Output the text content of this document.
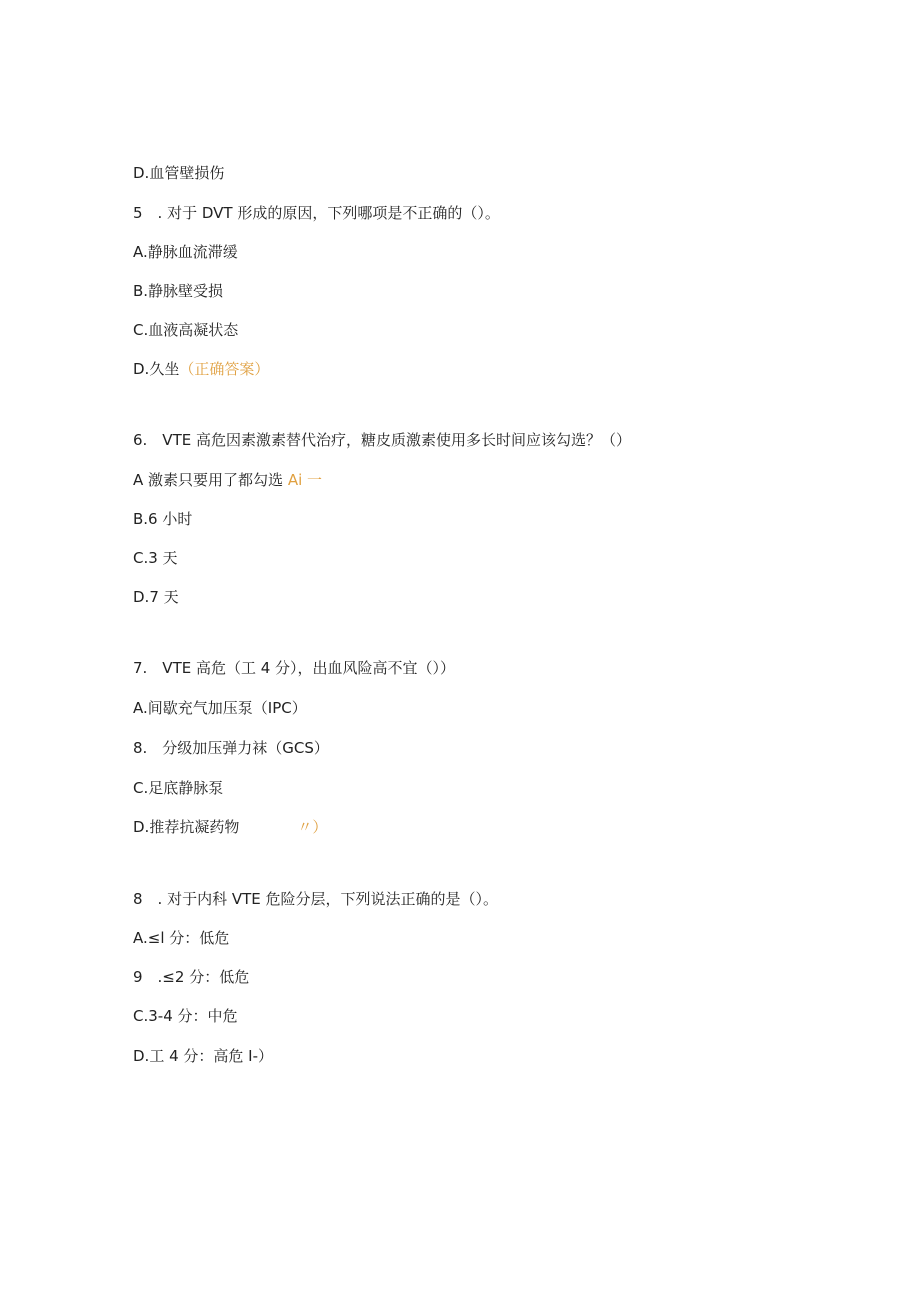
D.血管壁损伤
5　. 对于 DVT 形成的原因，下列哪项是不正确的（）。
A.静脉血流滞缓
B.静脉壁受损
C.血液高凝状态
D.久坐（正确答案）
6.　VTE 高危因素激素替代治疗，糖皮质激素使用多长时间应该勾选？（）
A 激素只要用了都勾选 Ai 一
B.6 小时
C.3 天
D.7 天
7.　VTE 高危（工 4 分），出血风险高不宜（））
A.间歇充气加压泵（IPC）
8.　分级加压弹力袜（GCS）
C.足底静脉泵
D.推荐抗凝药物	〃）
8　. 对于内科 VTE 危险分层，下列说法正确的是（）。
A.≤l 分：低危
9　.≤2 分：低危
C.3-4 分：中危
D.工 4 分：高危 I-）
